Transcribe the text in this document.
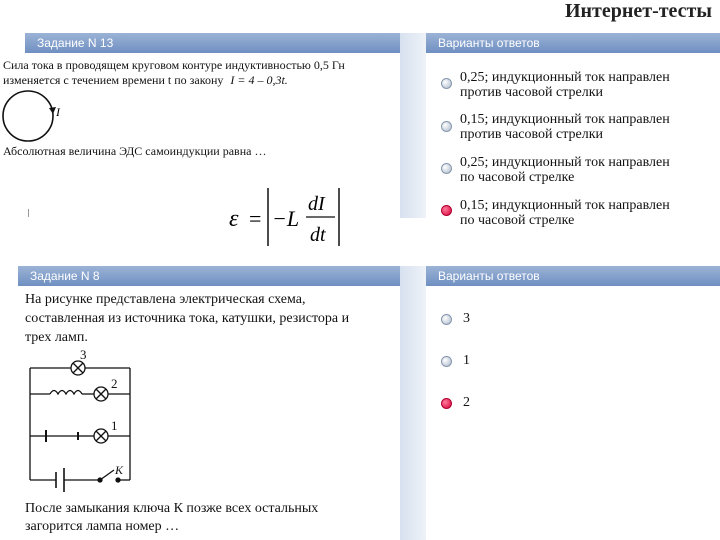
Интернет-тесты
Задание N 13	Варианты ответов
Сила тока в проводящем круговом контуре индуктивностью 0,5 Гн
изменяется с течением времени t по закону I = 4 – 0,3t.
I
Абсолютная величина ЭДС самоиндукции равна …
ε = −L
dI
dt
0,25; индукционный ток направлен
против часовой стрелки
0,15; индукционный ток направлен
против часовой стрелки
0,25; индукционный ток направлен
по часовой стрелке
0,15; индукционный ток направлен
по часовой стрелке
Задание N 8	Варианты ответов
На рисунке представлена электрическая схема,
составленная из источника тока, катушки, резистора и
трех ламп.
3
2
1
К
После замыкания ключа К позже всех остальных
загорится лампа номер …
3
1
2
